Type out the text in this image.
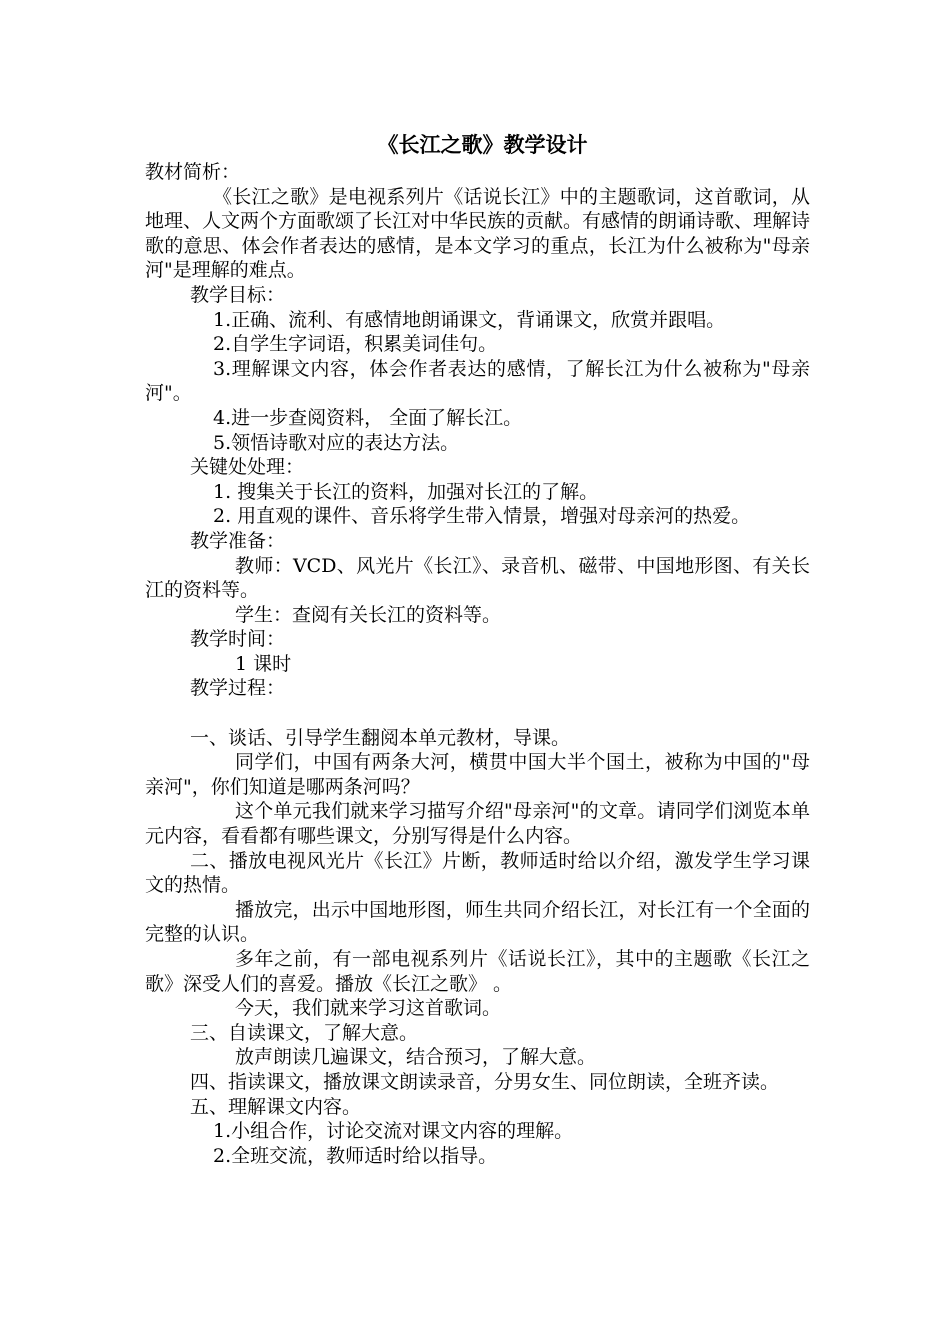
《长江之歌》教学设计

教材简析：

《长江之歌》是电视系列片《话说长江》中的主题歌词，这首歌词，从地理、人文两个方面歌颂了长江对中华民族的贡献。有感情的朗诵诗歌、理解诗歌的意思、体会作者表达的感情，是本文学习的重点，长江为什么被称为"母亲河"是理解的难点。

教学目标：

1.正确、流利、有感情地朗诵课文，背诵课文，欣赏并跟唱。

2.自学生字词语，积累美词佳句。

3.理解课文内容，体会作者表达的感情，了解长江为什么被称为"母亲河"。

4.进一步查阅资料， 全面了解长江。

5.领悟诗歌对应的表达方法。

关键处处理：

1. 搜集关于长江的资料，加强对长江的了解。

2. 用直观的课件、音乐将学生带入情景，增强对母亲河的热爱。

教学准备：

教师：VCD、风光片《长江》、录音机、磁带、中国地形图、有关长江的资料等。

学生：查阅有关长江的资料等。

教学时间：

1 课时

教学过程：

一、谈话、引导学生翻阅本单元教材，导课。

同学们，中国有两条大河，横贯中国大半个国土，被称为中国的"母亲河"，你们知道是哪两条河吗？

这个单元我们就来学习描写介绍"母亲河"的文章。请同学们浏览本单元内容，看看都有哪些课文，分别写得是什么内容。

二、播放电视风光片《长江》片断，教师适时给以介绍，激发学生学习课文的热情。

播放完，出示中国地形图，师生共同介绍长江，对长江有一个全面的完整的认识。

多年之前，有一部电视系列片《话说长江》，其中的主题歌《长江之歌》深受人们的喜爱。播放《长江之歌》 。

今天，我们就来学习这首歌词。

三、自读课文，了解大意。

放声朗读几遍课文，结合预习，了解大意。

四、指读课文，播放课文朗读录音，分男女生、同位朗读，全班齐读。

五、理解课文内容。

1.小组合作，讨论交流对课文内容的理解。

2.全班交流，教师适时给以指导。
